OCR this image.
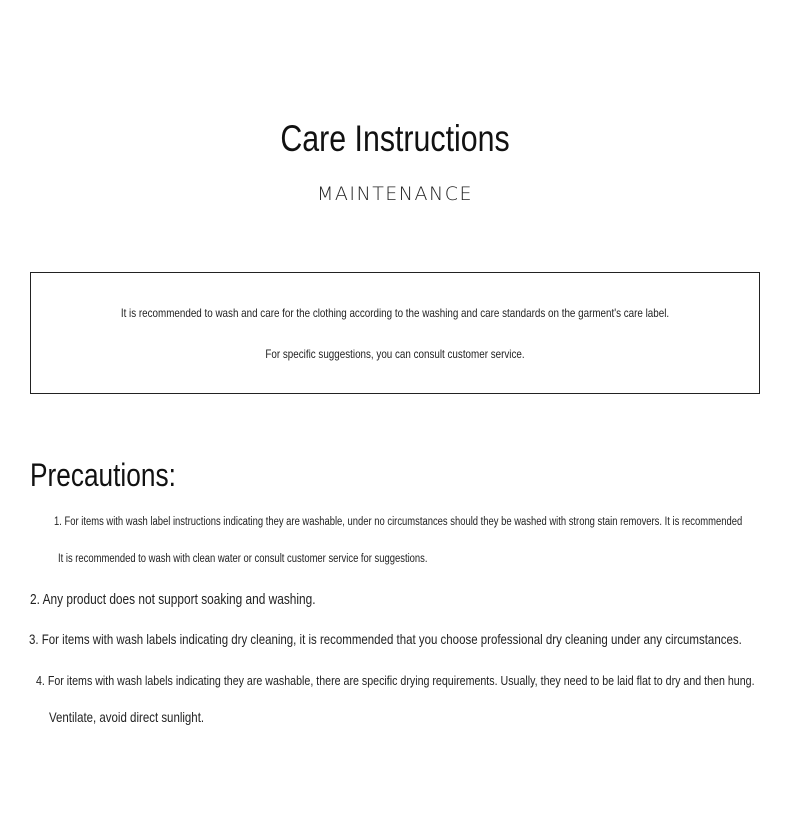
Care Instructions
MAINTENANCE
It is recommended to wash and care for the clothing according to the washing and care standards on the garment's care label.
For specific suggestions, you can consult customer service.
Precautions:
1. For items with wash label instructions indicating they are washable, under no circumstances should they be washed with strong stain removers. It is recommended
It is recommended to wash with clean water or consult customer service for suggestions.
2. Any product does not support soaking and washing.
3. For items with wash labels indicating dry cleaning, it is recommended that you choose professional dry cleaning under any circumstances.
4. For items with wash labels indicating they are washable, there are specific drying requirements. Usually, they need to be laid flat to dry and then hung.
Ventilate, avoid direct sunlight.
